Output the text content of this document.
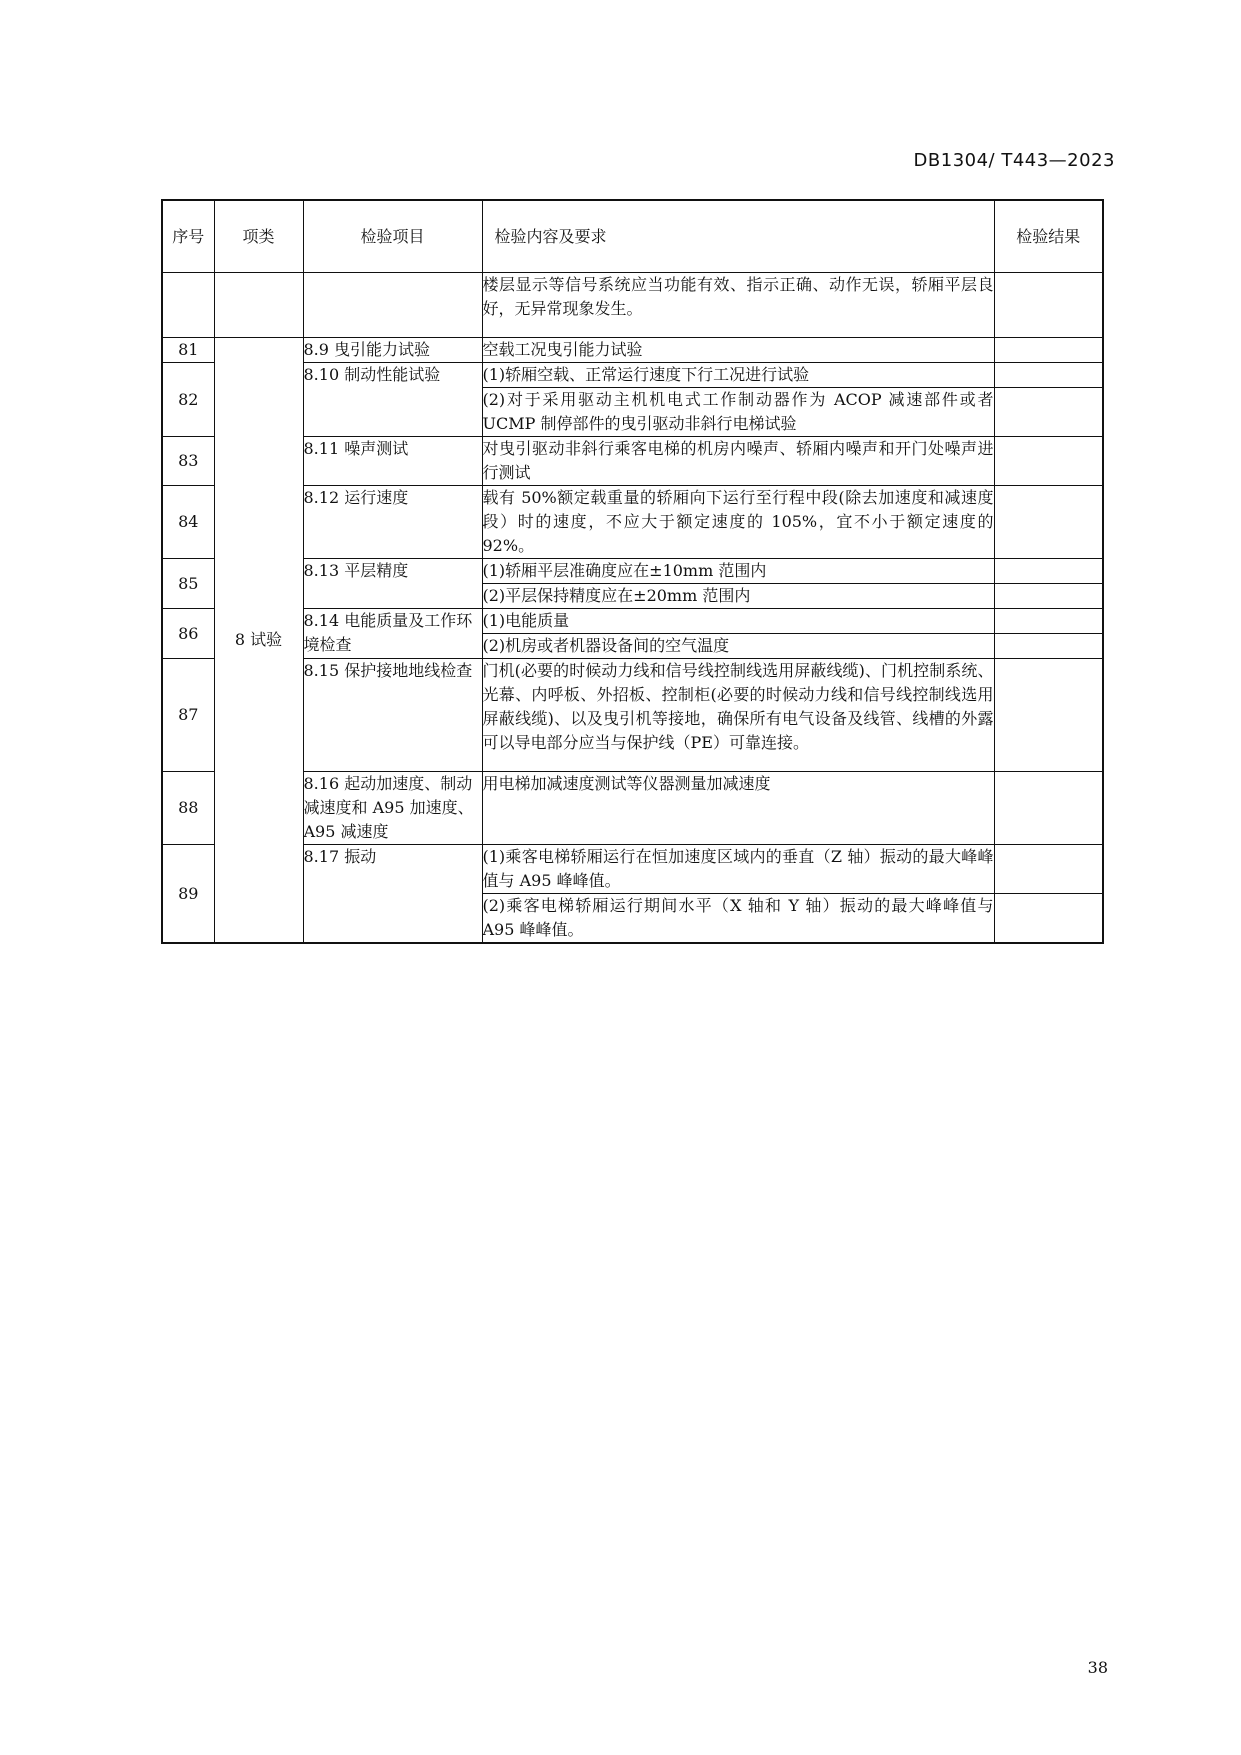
DB1304/ T443—2023
序号	项类	检验项目	检验内容及要求	检验结果
			楼层显示等信号系统应当功能有效、指示正确、动作无误，轿厢平层良好，无异常现象发生。	
81	8 试验	8.9 曳引能力试验	空载工况曳引能力试验	
82		8.10 制动性能试验	(1)轿厢空载、正常运行速度下行工况进行试验	
			(2)对于采用驱动主机机电式工作制动器作为 ACOP 减速部件或者 UCMP 制停部件的曳引驱动非斜行电梯试验	
83		8.11 噪声测试	对曳引驱动非斜行乘客电梯的机房内噪声、轿厢内噪声和开门处噪声进行测试	
84		8.12 运行速度	载有 50%额定载重量的轿厢向下运行至行程中段(除去加速度和减速度段）时的速度，不应大于额定速度的 105%，宜不小于额定速度的 92%。	
85		8.13 平层精度	(1)轿厢平层准确度应在±10mm 范围内	
			(2)平层保持精度应在±20mm 范围内	
86		8.14 电能质量及工作环境检查	(1)电能质量	
			(2)机房或者机器设备间的空气温度	
87		8.15 保护接地地线检查	门机(必要的时候动力线和信号线控制线选用屏蔽线缆)、门机控制系统、光幕、内呼板、外招板、控制柜(必要的时候动力线和信号线控制线选用屏蔽线缆)、以及曳引机等接地，确保所有电气设备及线管、线槽的外露可以导电部分应当与保护线（PE）可靠连接。	
88		8.16 起动加速度、制动减速度和 A95 加速度、A95 减速度	用电梯加减速度测试等仪器测量加减速度	
89		8.17 振动	(1)乘客电梯轿厢运行在恒加速度区域内的垂直（Z 轴）振动的最大峰峰值与 A95 峰峰值。	
			(2)乘客电梯轿厢运行期间水平（X 轴和 Y 轴）振动的最大峰峰值与 A95 峰峰值。	
38
